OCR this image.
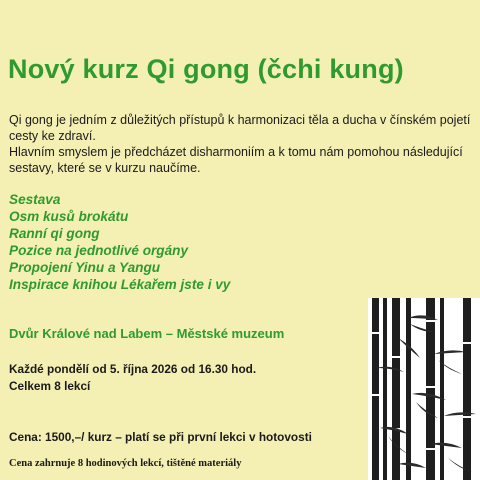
Nový kurz Qi gong (čchi kung)

Qi gong je jedním z důležitých přístupů k harmonizaci těla a ducha v čínském pojetí cesty ke zdraví.

Hlavním smyslem je předcházet disharmoniím a k tomu nám pomohou následující sestavy, které se v kurzu naučíme.

Sestava
Osm kusů brokátu
Ranní qi gong
Pozice na jednotlivé orgány
Propojení Yinu a Yangu
Inspirace knihou Lékařem jste i vy
Dvůr Králové nad Labem – Městské muzeum
Každé pondělí od 5. října 2026 od 16.30 hod.
Celkem 8 lekcí
Cena: 1500,–/ kurz – platí se při první lekci v hotovosti
Cena zahrnuje 8 hodinových lekcí, tištěné materiály
